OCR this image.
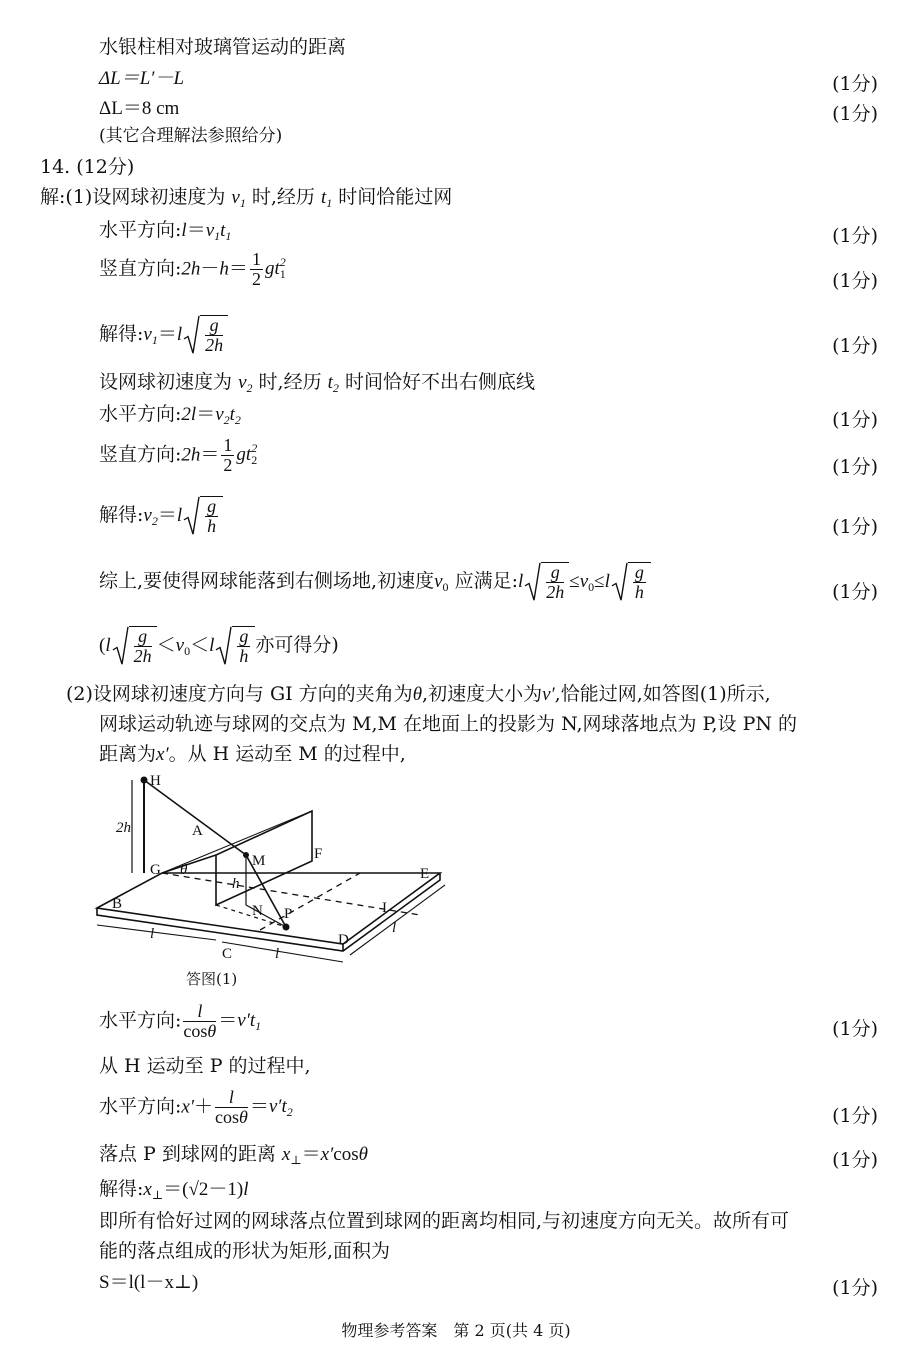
水银柱相对玻璃管运动的距离
ΔL＝L′－L	(1分)
ΔL＝8 cm	(1分)
(其它合理解法参照给分)
14. (12分)
解:(1)设网球初速度为 $v_1$ 时,经历 $t_1$ 时间恰能过网
水平方向$:l=v_1t_1$	(1分)
竖直方向:2h－h＝ $\frac{1}{2} gt^2_1$	(1分)
解得$:v_1=l \frac{g}{2h}$	(1分)
设网球初速度为 $v_2$ 时,经历 $t_2$ 时间恰好不出右侧底线
水平方向$:2l=v_2t_2$	(1分)
竖直方向:2h＝ $\frac{1}{2} gt^2_2$	(1分)
解得$:v_2=l \frac{g}{h}$	(1分)
综上,要使得网球能落到右侧场地,初速度$v_0$ 应满足:l $\frac{g}{2h} \le v_0\le l \frac{g}{h}$	(1分)
($l \frac{g}{2h} <v_0<l \frac{g}{h}$ 亦可得分)
(2)设网球初速度方向与 GI 方向的夹角为θ,初速度大小为v′,恰能过网,如答图(1)所示,
网球运动轨迹与球网的交点为 M,M 在地面上的投影为 N,网球落地点为 P,设 PN 的
距离为x′。从 H 运动至 M 的过程中,
H
2h	A
M	F
G θ	E
h
B	N P	I
l
C
D
l
l
答图(1)
水平方向: $\frac{l}{\cos\theta} =v't_1$	(1分)
从 H 运动至 P 的过程中,
水平方向:x′＋ $\frac{l}{\cos\theta} =v't_2$	(1分)
落点 P 到球网的距离 $x_\perp=x'\cos\theta$	(1分)
解得$:x_\perp=(√2-1)l$
即所有恰好过网的网球落点位置到球网的距离均相同,与初速度方向无关。故所有可
能的落点组成的形状为矩形,面积为
S＝l(l－x⊥)	(1分)
物理参考答案　第 2 页(共 4 页)
